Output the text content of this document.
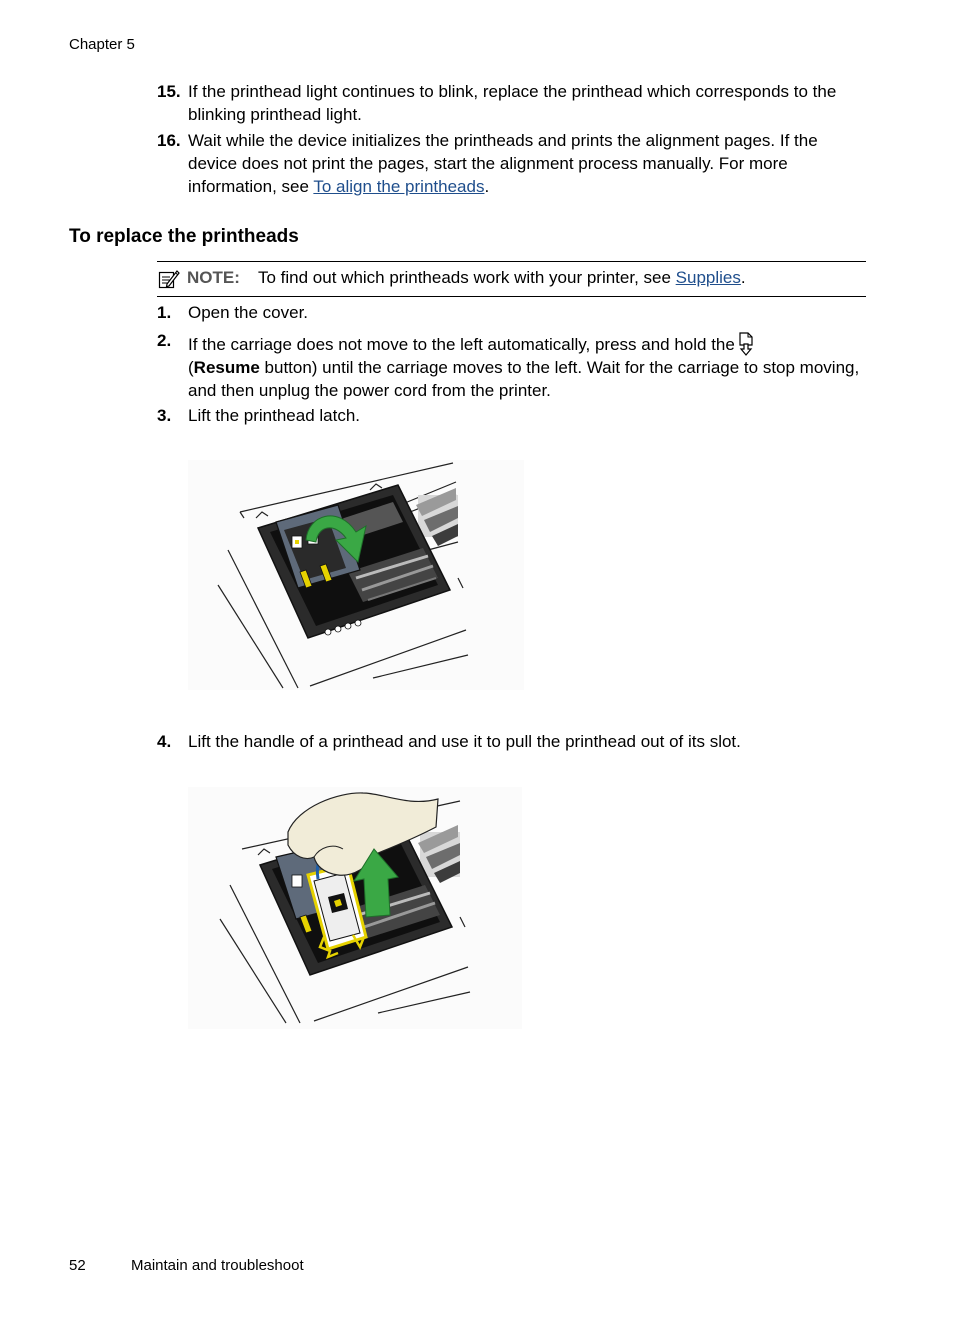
Chapter 5
15. If the printhead light continues to blink, replace the printhead which corresponds to the blinking printhead light.
16. Wait while the device initializes the printheads and prints the alignment pages. If the device does not print the pages, start the alignment process manually. For more information, see To align the printheads.
To replace the printheads
NOTE: To find out which printheads work with your printer, see Supplies.
1. Open the cover.
2. If the carriage does not move to the left automatically, press and hold the
(Resume button) until the carriage moves to the left. Wait for the carriage to stop moving, and then unplug the power cord from the printer.
3. Lift the printhead latch.
4. Lift the handle of a printhead and use it to pull the printhead out of its slot.
52	Maintain and troubleshoot
